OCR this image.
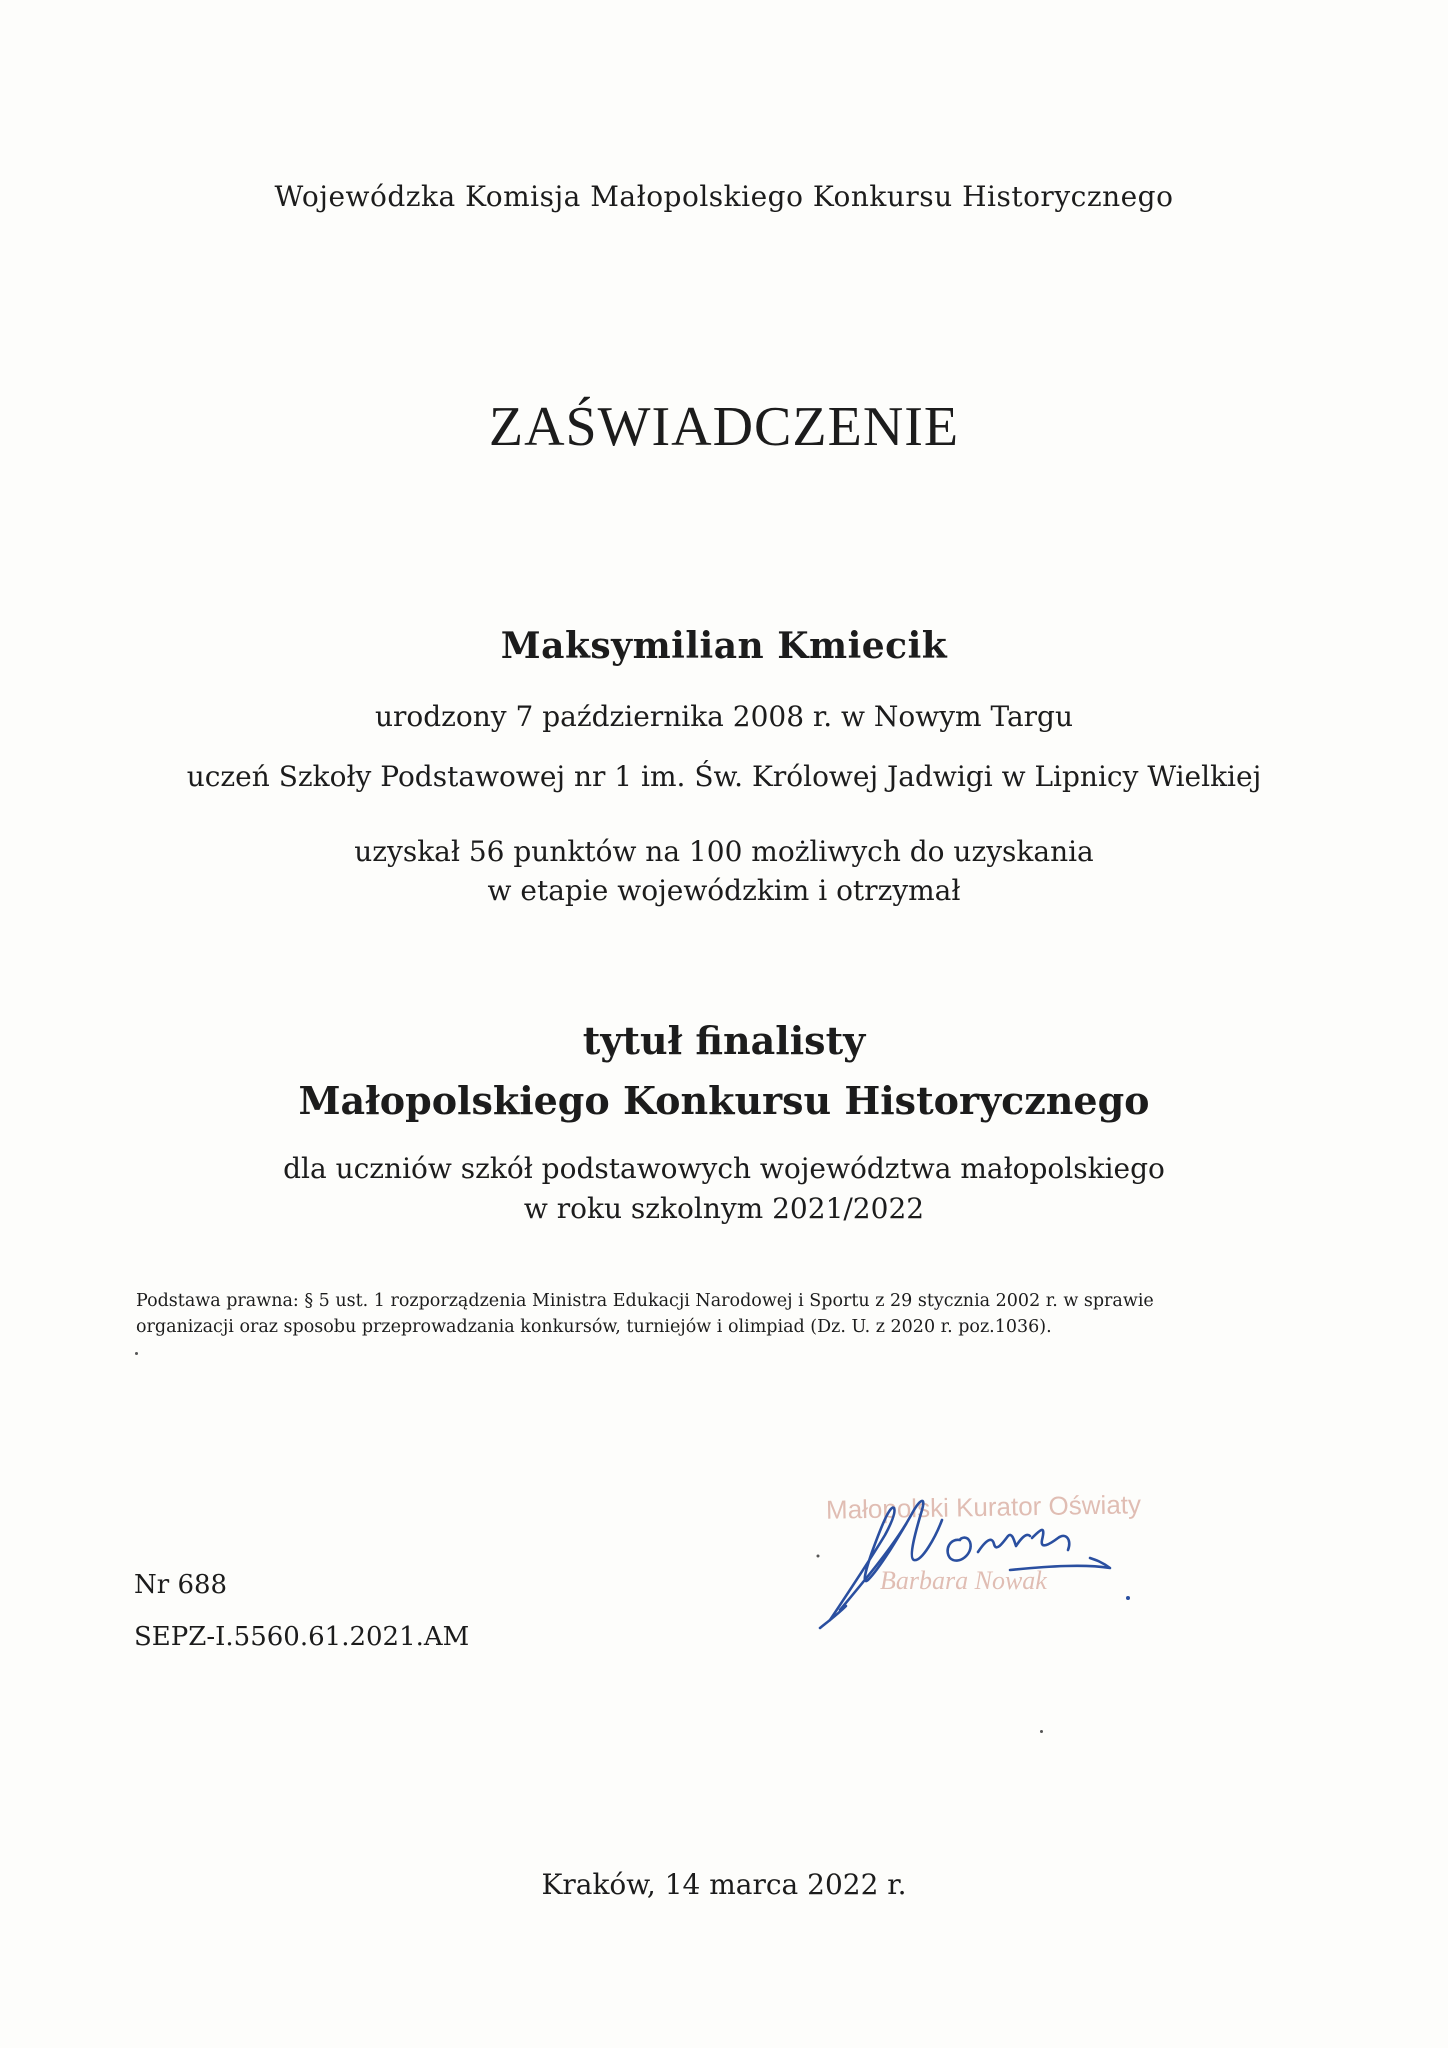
Wojewódzka Komisja Małopolskiego Konkursu Historycznego
ZAŚWIADCZENIE
Maksymilian Kmiecik
urodzony 7 października 2008 r. w Nowym Targu
uczeń Szkoły Podstawowej nr 1 im. Św. Królowej Jadwigi w Lipnicy Wielkiej
uzyskał 56 punktów na 100 możliwych do uzyskania
w etapie wojewódzkim i otrzymał
tytuł finalisty
Małopolskiego Konkursu Historycznego
dla uczniów szkół podstawowych województwa małopolskiego
w roku szkolnym 2021/2022
Podstawa prawna: § 5 ust. 1 rozporządzenia Ministra Edukacji Narodowej i Sportu z 29 stycznia 2002 r. w sprawie
organizacji oraz sposobu przeprowadzania konkursów, turniejów i olimpiad (Dz. U. z 2020 r. poz.1036).
Małopolski Kurator Oświaty
Barbara Nowak
Nr 688
SEPZ-I.5560.61.2021.AM
Kraków, 14 marca 2022 r.
